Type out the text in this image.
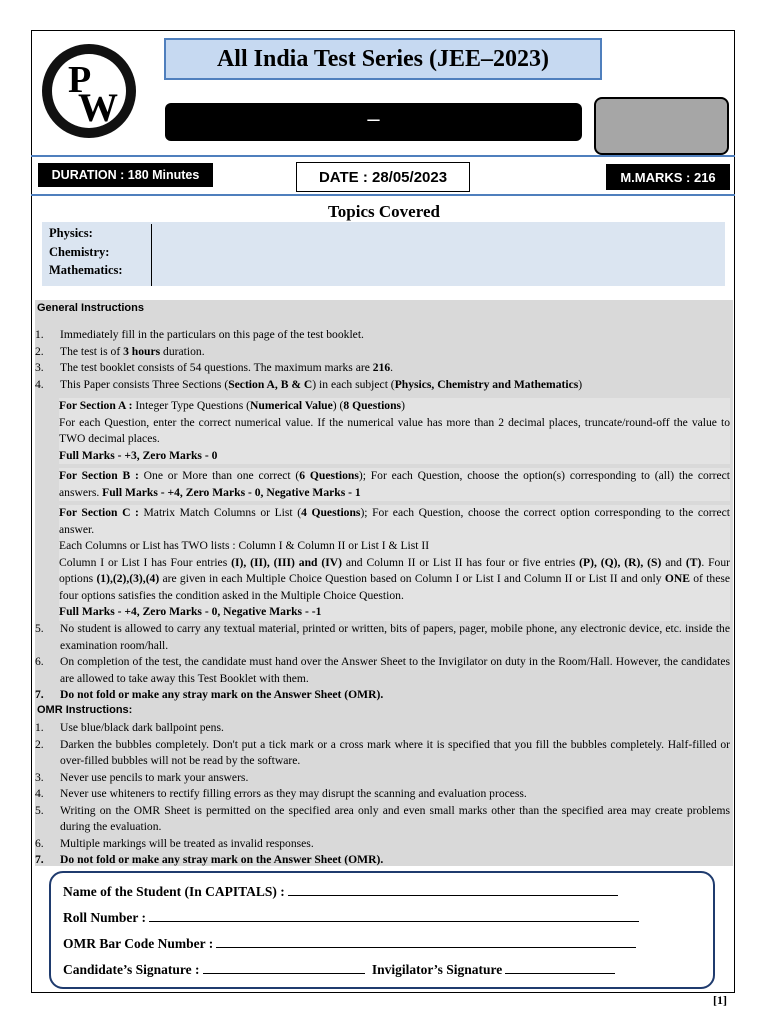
P
W
All India Test Series (JEE–2023)
–
DURATION : 180 Minutes	DATE : 28/05/2023	M.MARKS : 216
Topics Covered
Physics:
Chemistry:
Mathematics:
General Instructions
1.	Immediately fill in the particulars on this page of the test booklet.
2.	The test is of 3 hours duration.
3.	The test booklet consists of 54 questions. The maximum marks are 216.
4.	This Paper consists Three Sections (Section A, B & C) in each subject (Physics, Chemistry and Mathematics)
For Section A : Integer Type Questions (Numerical Value) (8 Questions)
For each Question, enter the correct numerical value. If the numerical value has more than 2 decimal places, truncate/round-off the value to TWO decimal places.
Full Marks - +3, Zero Marks - 0
For Section B : One or More than one correct (6 Questions); For each Question, choose the option(s) corresponding to (all) the correct answers. Full Marks - +4, Zero Marks - 0, Negative Marks - 1
For Section C : Matrix Match Columns or List (4 Questions); For each Question, choose the correct option corresponding to the correct answer.
Each Columns or List has TWO lists : Column I & Column II or List I & List II
Column I or List I has Four entries (I), (II), (III) and (IV) and Column II or List II has four or five entries (P), (Q), (R), (S) and (T). Four options (1),(2),(3),(4) are given in each Multiple Choice Question based on Column I or List I and Column II or List II and only ONE of these four options satisfies the condition asked in the Multiple Choice Question.
Full Marks - +4, Zero Marks - 0, Negative Marks - -1
5.	No student is allowed to carry any textual material, printed or written, bits of papers, pager, mobile phone, any electronic device, etc. inside the examination room/hall.
6.	On completion of the test, the candidate must hand over the Answer Sheet to the Invigilator on duty in the Room/Hall. However, the candidates are allowed to take away this Test Booklet with them.
7.	Do not fold or make any stray mark on the Answer Sheet (OMR).
OMR Instructions:
1.	Use blue/black dark ballpoint pens.
2.	Darken the bubbles completely. Don't put a tick mark or a cross mark where it is specified that you fill the bubbles completely. Half-filled or over-filled bubbles will not be read by the software.
3.	Never use pencils to mark your answers.
4.	Never use whiteners to rectify filling errors as they may disrupt the scanning and evaluation process.
5.	Writing on the OMR Sheet is permitted on the specified area only and even small marks other than the specified area may create problems during the evaluation.
6.	Multiple markings will be treated as invalid responses.
7.	Do not fold or make any stray mark on the Answer Sheet (OMR).
Name of the Student (In CAPITALS) :
Roll Number :
OMR Bar Code Number :
Candidate’s Signature :	Invigilator’s Signature
[1]
